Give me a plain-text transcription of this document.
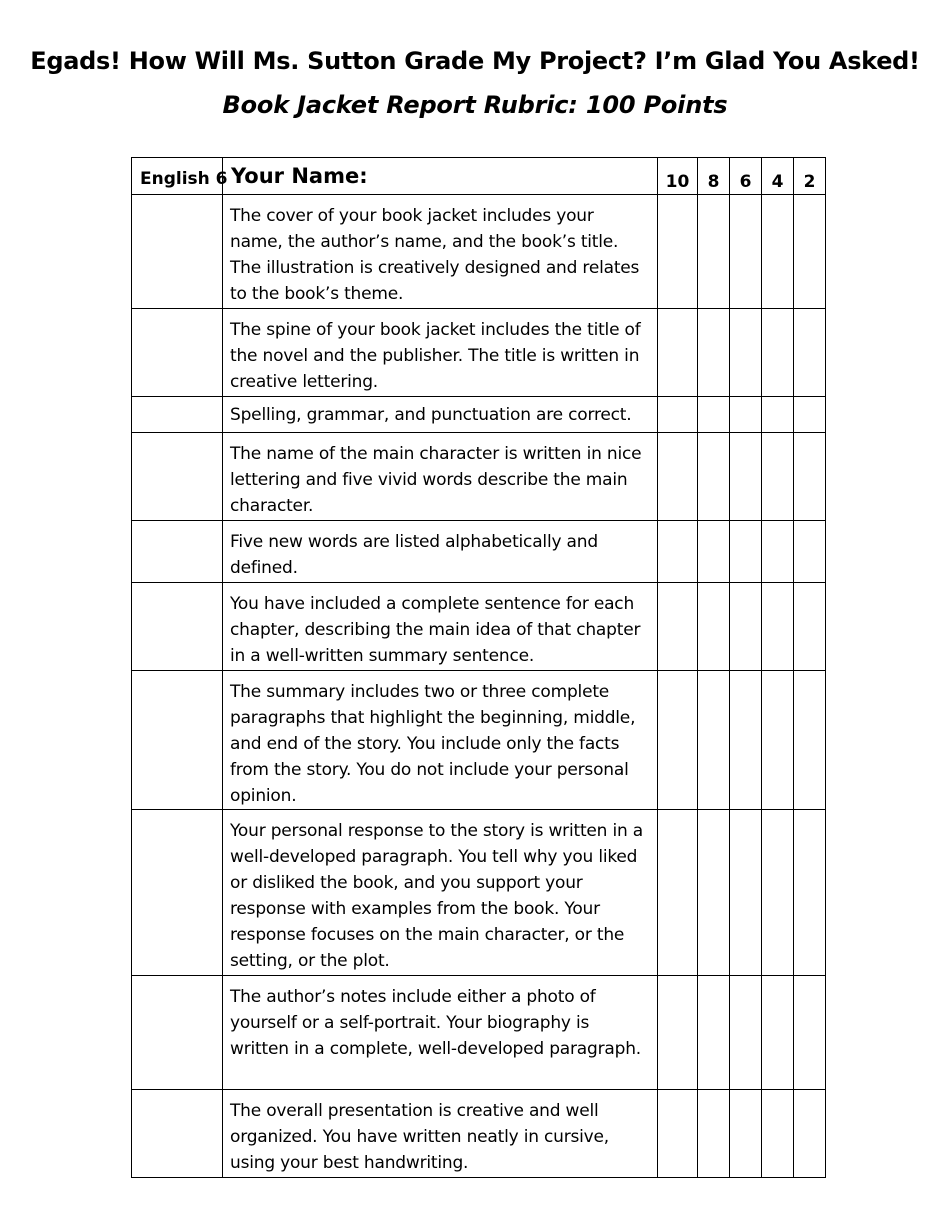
Egads! How Will Ms. Sutton Grade My Project? I’m Glad You Asked!
Book Jacket Report Rubric: 100 Points
English 6	Your Name:	10	8	6	4	2
	The cover of your book jacket includes your name, the author’s name, and the book’s title. The illustration is creatively designed and relates to the book’s theme.					
	The spine of your book jacket includes the title of the novel and the publisher. The title is written in creative lettering.					
	Spelling, grammar, and punctuation are correct.					
	The name of the main character is written in nice lettering and five vivid words describe the main character.					
	Five new words are listed alphabetically and defined.					
	You have included a complete sentence for each chapter, describing the main idea of that chapter in a well-written summary sentence.					
	The summary includes two or three complete paragraphs that highlight the beginning, middle, and end of the story. You include only the facts from the story. You do not include your personal opinion.					
	Your personal response to the story is written in a well-developed paragraph. You tell why you liked or disliked the book, and you support your response with examples from the book. Your response focuses on the main character, or the setting, or the plot.					
	The author’s notes include either a photo of yourself or a self-portrait. Your biography is written in a complete, well-developed paragraph.					
	The overall presentation is creative and well organized. You have written neatly in cursive, using your best handwriting.					
